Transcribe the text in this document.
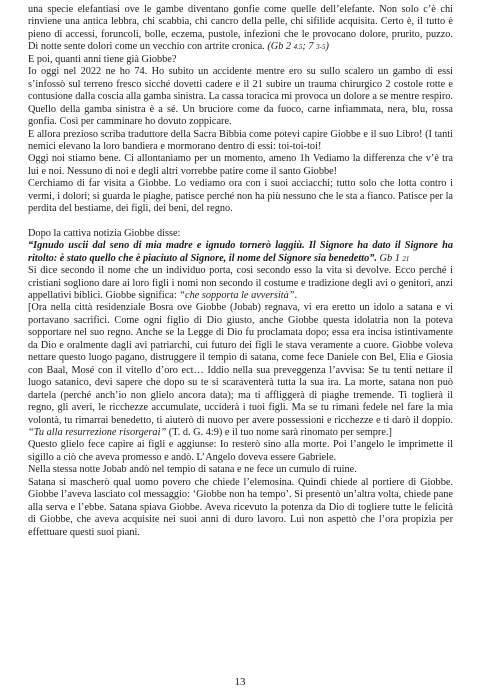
una specie elefantiasi ove le gambe diventano gonfie come quelle dell’elefante. Non solo c’è chi rinviene una antica lebbra, chi scabbia, chi cancro della pelle, chi sifilide acquisita. Certo è, il tutto è pieno di accessi, foruncoli, bolle, eczema, pustole, infezioni che le provocano dolore, prurito, puzzo. Di notte sente dolori come un vecchio con artrite cronica. (Gb 2 4.5; 7 3-5)

E poi, quanti anni tiene già Giobbe?

Io oggi nel 2022 ne ho 74. Ho subito un accidente mentre ero su sullo scalero un gambo di essi s’infossò sul terreno fresco sicché dovetti cadere e il 21 subire un trauma chirurgico 2 costole rotte e contusione dalla coscia alla gamba sinistra. La cassa toracica mi provoca un dolore a se mentre respiro. Quello della gamba sinistra è a sé. Un bruciore come da fuoco, carne infiammata, nera, blu, rossa gonfia. Così per camminare ho dovuto zoppicare.

E allora prezioso scriba traduttore della Sacra Bibbia come potevi capire Giobbe e il suo Libro! (I tanti nemici elevano la loro bandiera e mormorano dentro di essi: toi-toi-toi!

Oggi noi stiamo bene. Ci allontaniamo per un momento, ameno 1h Vediamo la differenza che v’è tra lui e noi. Nessuno di noi e degli altri vorrebbe patire come il santo Giobbe!

Cerchiamo di far visita a Giobbe. Lo vediamo ora con i suoi acciacchi; tutto solo che lotta contro i vermi, i dolori; si guarda le piaghe, patisce perché non ha più nessuno che le sta a fianco. Patisce per la perdita del bestiame, dei figli, dei beni, del regno.

Dopo la cattiva notizia Giobbe disse:

“Ignudo uscii dal seno di mia madre e ignudo tornerò laggiù. Il Signore ha dato il Signore ha ritolto: è stato quello che è piaciuto al Signore, il nome del Signore sia benedetto”. Gb 1 21

Si dice secondo il nome che un individuo porta, così secondo esso la vita si devolve. Ecco perché i cristiani sogliono dare ai loro figli i nomi non secondo il costume e tradizione degli avi o genitori, anzi appellativi biblici. Giobbe significa: “che sopporta le avversità”.

[Ora nella città residenziale Bosra ove Giobbe (Jobab) regnava, vi era eretto un idolo a satana e vi portavano sacrifici. Come ogni figlio di Dio giusto, anche Giobbe questa idolatria non la poteva sopportare nel suo regno. Anche se la Legge di Dio fu proclamata dopo; essa era incisa istintivamente da Dio e oralmente dagli avi patriarchi, cui futuro dei figli le stava veramente a cuore. Giobbe voleva nettare questo luogo pagano, distruggere il tempio di satana, come fece Daniele con Bel, Elia e Giosia con Baal, Mosé con il vitello d’oro ect… Iddio nella sua preveggenza l’avvisa: Se tu tenti nettare il luogo satanico, devi sapere che dopo su te si scaraventerà tutta la sua ira. La morte, satana non può dartela (perché anch’io non glielo ancora data); ma ti affliggerà di piaghe tremende. Ti toglierà il regno, gli averi, le ricchezze accumulate, ucciderà i tuoi figli. Ma se tu rimani fedele nel fare la mia volontà, tu rimarrai benedetto, ti aiuterò di nuovo per avere possessioni e ricchezze e ti darò il doppio. “Tu alla resurrezione risorgerai” (T. d. G. 4:9) e il tuo nome sarà rinomato per sempre.]

Questo glielo fece capire ai figli e aggiunse: Io resterò sino alla morte. Poi l’angelo le imprimette il sigillo a ciò che aveva promesso e andò. L’Angelo doveva essere Gabriele.

Nella stessa notte Jobab andò nel tempio di satana e ne fece un cumulo di ruine.

Satana si mascherò qual uomo povero che chiede l’elemosina. Quindi chiede al portiere di Giobbe. Giobbe l’aveva lasciato col messaggio: ‘Giobbe non ha tempo’. Si presentò un’altra volta, chiede pane alla serva e l’ebbe. Satana spiava Giobbe. Aveva ricevuto la potenza da Dio di togliere tutte le felicità di Giobbe, che aveva acquisite nei suoi anni di duro lavoro. Lui non aspettò che l’ora propizia per effettuare questi suoi piani.

13
